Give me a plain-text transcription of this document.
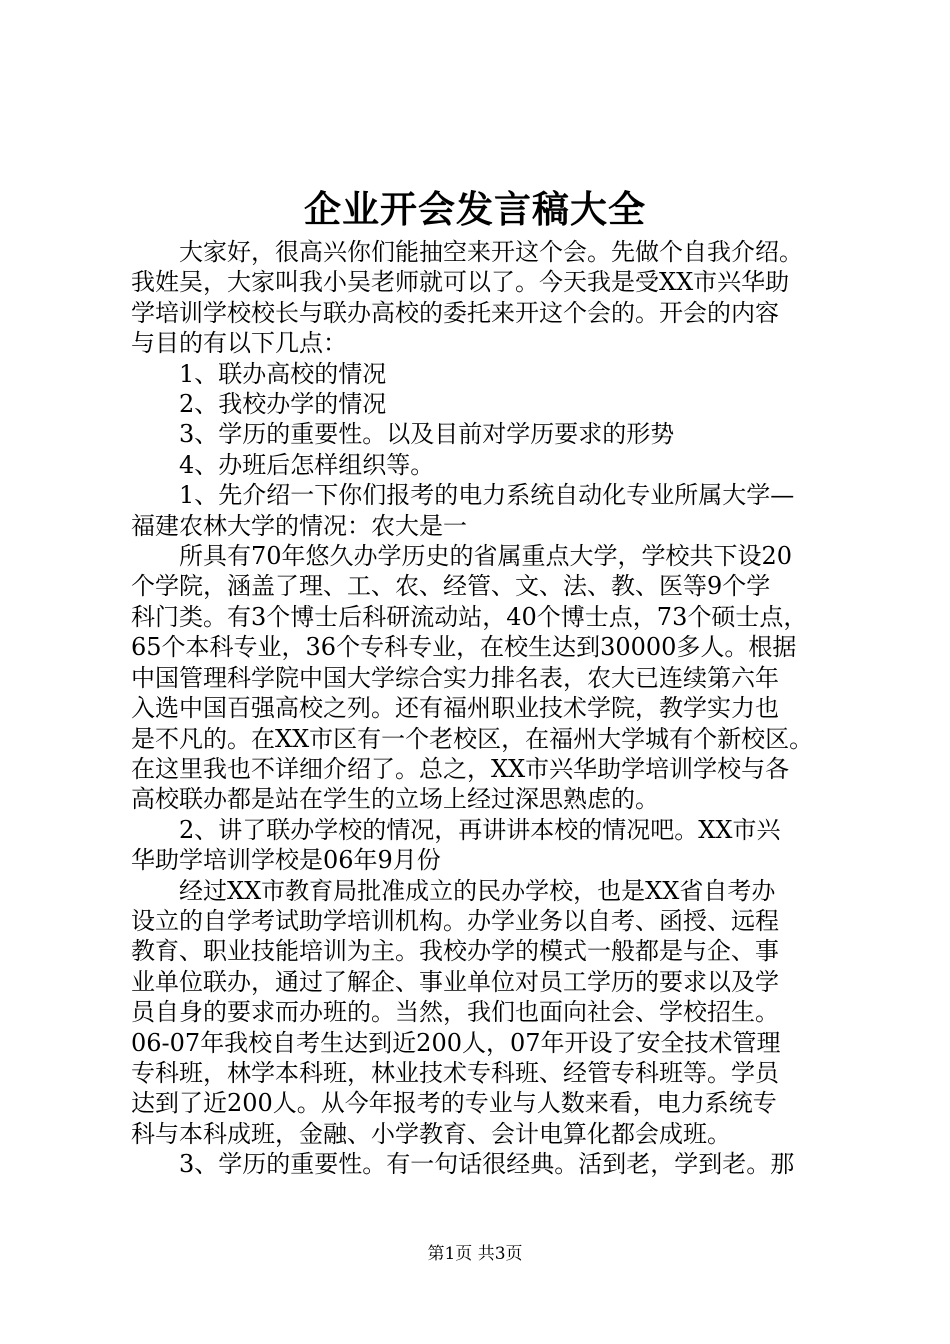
企业开会发言稿大全
大家好，很高兴你们能抽空来开这个会。先做个自我介绍。
我姓吴，大家叫我小吴老师就可以了。今天我是受XX市兴华助
学培训学校校长与联办高校的委托来开这个会的。开会的内容
与目的有以下几点：
1、联办高校的情况
2、我校办学的情况
3、学历的重要性。以及目前对学历要求的形势
4、办班后怎样组织等。
1、先介绍一下你们报考的电力系统自动化专业所属大学—
福建农林大学的情况：农大是一
所具有70年悠久办学历史的省属重点大学，学校共下设20
个学院，涵盖了理、工、农、经管、文、法、教、医等9个学
科门类。有3个博士后科研流动站，40个博士点，73个硕士点，
65个本科专业，36个专科专业，在校生达到30000多人。根据
中国管理科学院中国大学综合实力排名表，农大已连续第六年
入选中国百强高校之列。还有福州职业技术学院，教学实力也
是不凡的。在XX市区有一个老校区，在福州大学城有个新校区。
在这里我也不详细介绍了。总之，XX市兴华助学培训学校与各
高校联办都是站在学生的立场上经过深思熟虑的。
2、讲了联办学校的情况，再讲讲本校的情况吧。XX市兴
华助学培训学校是06年9月份
经过XX市教育局批准成立的民办学校，也是XX省自考办
设立的自学考试助学培训机构。办学业务以自考、函授、远程
教育、职业技能培训为主。我校办学的模式一般都是与企、事
业单位联办，通过了解企、事业单位对员工学历的要求以及学
员自身的要求而办班的。当然，我们也面向社会、学校招生。
06-07年我校自考生达到近200人，07年开设了安全技术管理
专科班，林学本科班，林业技术专科班、经管专科班等。学员
达到了近200人。从今年报考的专业与人数来看，电力系统专
科与本科成班，金融、小学教育、会计电算化都会成班。
3、学历的重要性。有一句话很经典。活到老，学到老。那
第1页 共3页
